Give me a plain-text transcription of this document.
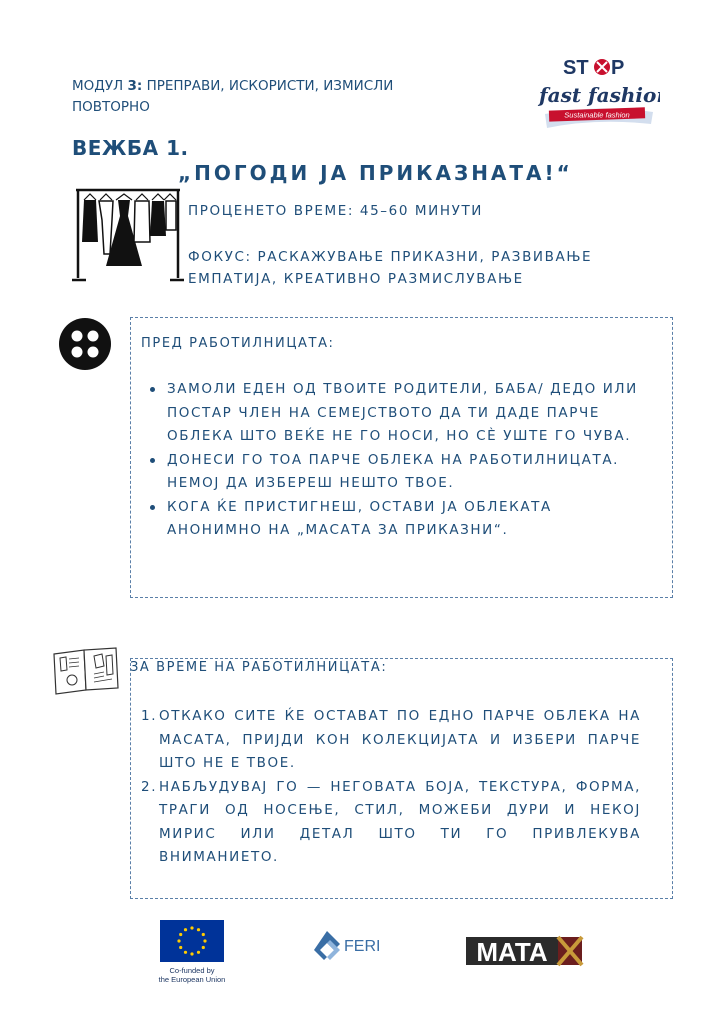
Sustainable fashion
ST P
fast fashion
МОДУЛ 3: ПРЕПРАВИ, ИСКОРИСТИ, ИЗМИСЛИ ПОВТОРНО
ВЕЖБА 1.
„ПОГОДИ ЈА ПРИКАЗНАТА!“
ПРОЦЕНЕТО ВРЕМЕ: 45–60 МИНУТИ
ФОКУС: РАСКАЖУВАЊЕ ПРИКАЗНИ, РАЗВИВАЊЕ ЕМПАТИЈА, КРЕАТИВНО РАЗМИСЛУВАЊЕ
ПРЕД РАБОТИЛНИЦАТА:
ЗАМОЛИ ЕДЕН ОД ТВОИТЕ РОДИТЕЛИ, БАБА/ ДЕДО ИЛИ ПОСТАР ЧЛЕН НА СЕМЕЈСТВОТО ДА ТИ ДАДЕ ПАРЧЕ ОБЛЕКА ШТО ВЕЌЕ НЕ ГО НОСИ, НО СÈ УШТЕ ГО ЧУВА.
ДОНЕСИ ГО ТОА ПАРЧЕ ОБЛЕКА НА РАБОТИЛНИЦАТА. НЕМОЈ ДА ИЗБЕРЕШ НЕШТО ТВОЕ.
КОГА ЌЕ ПРИСТИГНЕШ, ОСТАВИ ЈА ОБЛЕКАТА АНОНИМНО НА „МАСАТА ЗА ПРИКАЗНИ“.
ЗА ВРЕМЕ НА РАБОТИЛНИЦАТА:
1. ОТКАКО СИТЕ ЌЕ ОСТАВАТ ПО ЕДНО ПАРЧЕ ОБЛЕКА НА МАСАТА, ПРИЈДИ КОН КОЛЕКЦИЈАТА И ИЗБЕРИ ПАРЧЕ ШТО НЕ Е ТВОЕ.
2. НАБЉУДУВАЈ ГО — НЕГОВАТА БОЈА, ТЕКСТУРА, ФОРМА, ТРАГИ ОД НОСЕЊЕ, СТИЛ, МОЖЕБИ ДУРИ И НЕКОЈ МИРИС ИЛИ ДЕТАЛ ШТО ТИ ГО ПРИВЛЕКУВА ВНИМАНИЕТО.
Co-funded by
the European Union
FERI	MATA
